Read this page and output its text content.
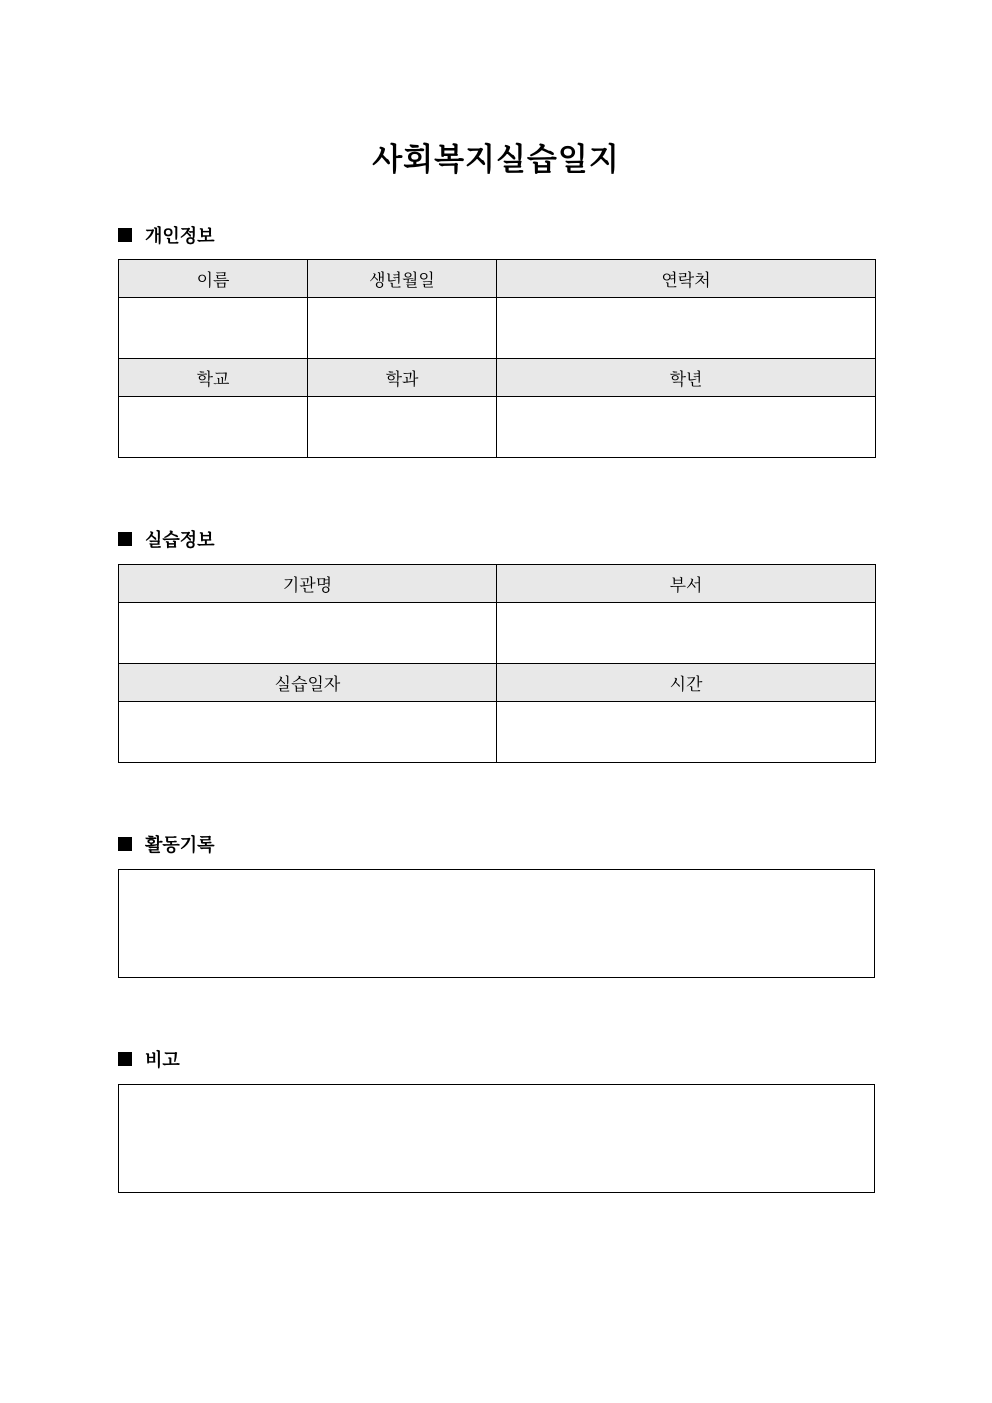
사회복지실습일지
개인정보
이름	생년월일	연락처

학교	학과	학년

실습정보
기관명	부서

실습일자	시간

활동기록
비고
